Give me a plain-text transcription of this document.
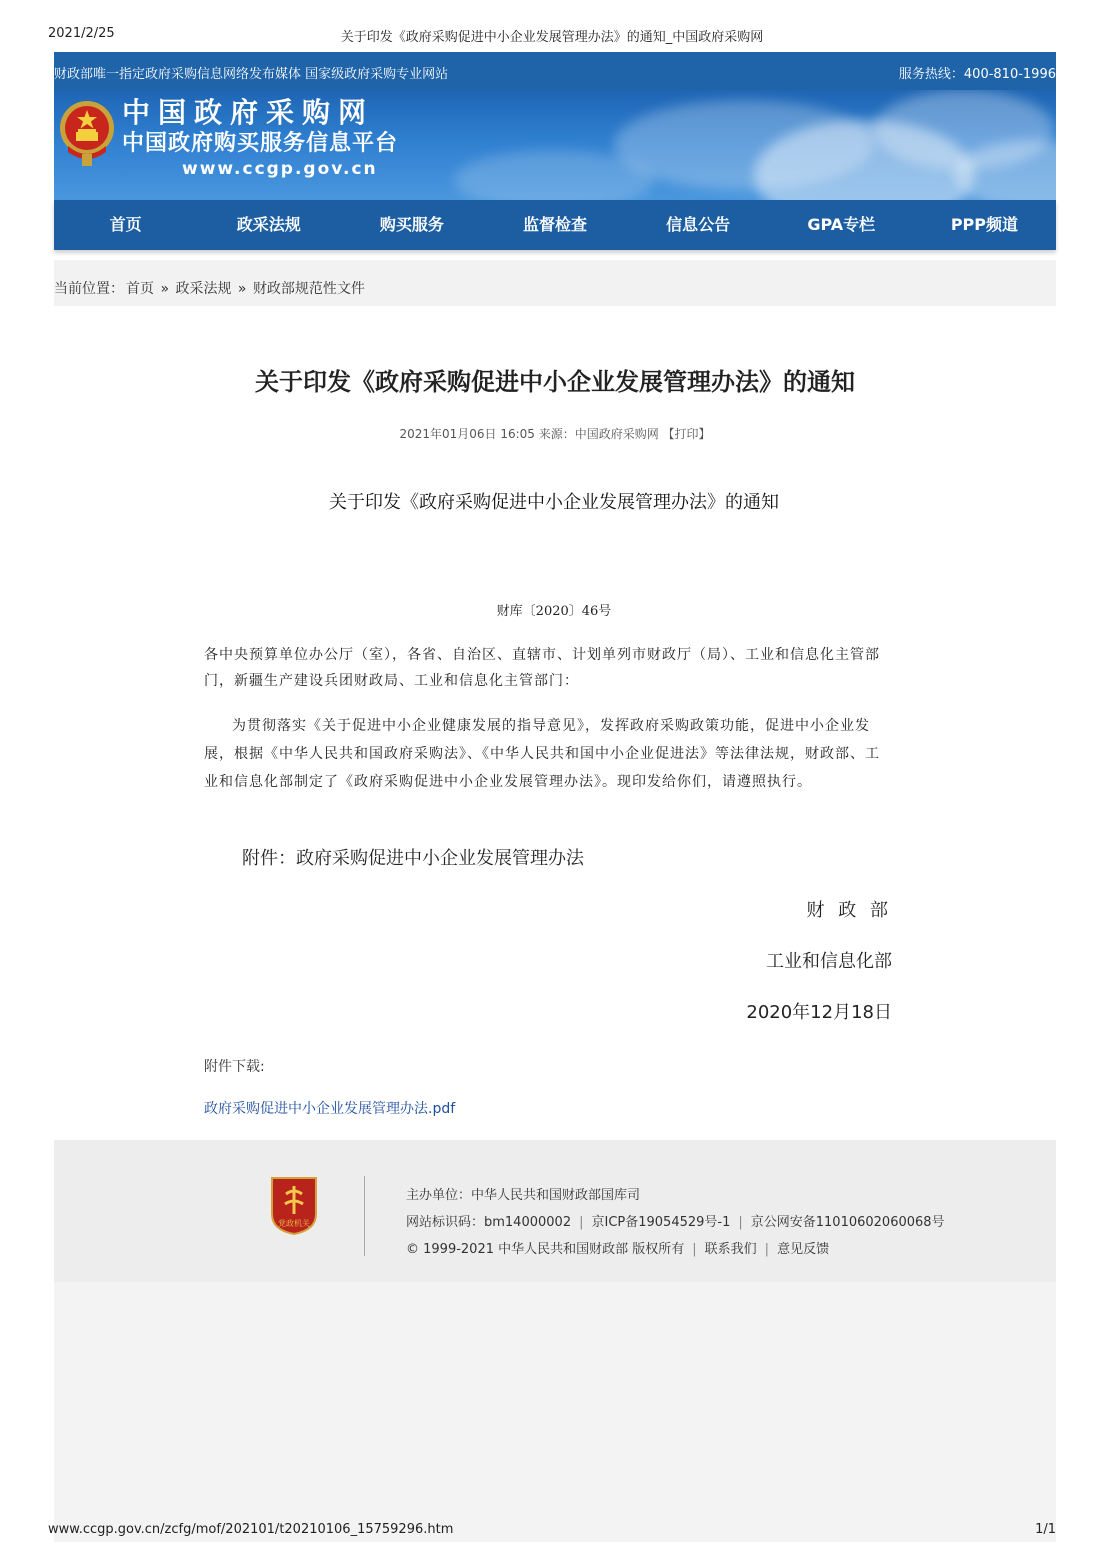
2021/2/25	关于印发《政府采购促进中小企业发展管理办法》的通知_中国政府采购网
财政部唯一指定政府采购信息网络发布媒体 国家级政府采购专业网站	服务热线：400-810-1996
中国政府采购网
中国政府购买服务信息平台
www.ccgp.gov.cn
首页	政采法规	购买服务	监督检查	信息公告	GPA专栏	PPP频道
当前位置： 首页 » 政采法规 » 财政部规范性文件
关于印发《政府采购促进中小企业发展管理办法》的通知
2021年01月06日 16:05 来源：中国政府采购网 【打印】
关于印发《政府采购促进中小企业发展管理办法》的通知
财库〔2020〕46号

各中央预算单位办公厅（室），各省、自治区、直辖市、计划单列市财政厅（局）、工业和信息化主管部门，新疆生产建设兵团财政局、工业和信息化主管部门：

为贯彻落实《关于促进中小企业健康发展的指导意见》，发挥政府采购政策功能，促进中小企业发展，根据《中华人民共和国政府采购法》、《中华人民共和国中小企业促进法》等法律法规，财政部、工业和信息化部制定了《政府采购促进中小企业发展管理办法》。现印发给你们，请遵照执行。

附件：政府采购促进中小企业发展管理办法
财 政 部
工业和信息化部
2020年12月18日
附件下载:
政府采购促进中小企业发展管理办法.pdf
党政机关
主办单位：中华人民共和国财政部国库司
网站标识码：bm14000002 | 京ICP备19054529号-1 | 京公网安备11010602060068号
© 1999-2021 中华人民共和国财政部 版权所有 | 联系我们 | 意见反馈
www.ccgp.gov.cn/zcfg/mof/202101/t20210106_15759296.htm	1/1
